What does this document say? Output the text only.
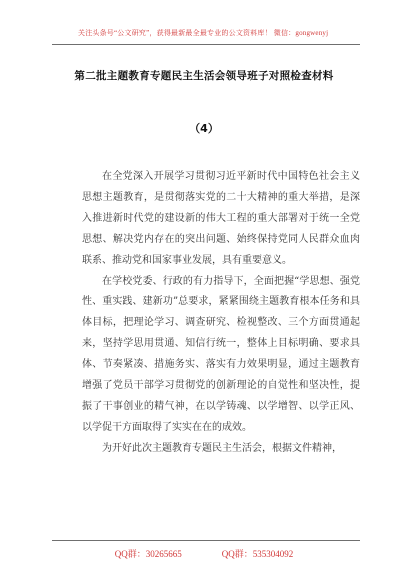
关注头条号“公文研究”，获得最新最全最专业的公文资料库！ 微信：gongwenyj
第二批主题教育专题民主生活会领导班子对照检查材料
（4）

在全党深入开展学习贯彻习近平新时代中国特色社会主义思想主题教育，是贯彻落实党的二十大精神的重大举措，是深入推进新时代党的建设新的伟大工程的重大部署对于统一全党思想、解决党内存在的突出问题、始终保持党同人民群众血肉联系、推动党和国家事业发展，具有重要意义。

在学校党委、行政的有力指导下，全面把握“学思想、强党性、重实践、建新功”总要求，紧紧围绕主题教育根本任务和具体目标，把理论学习、调查研究、检视整改、三个方面贯通起来，坚持学思用贯通、知信行统一，整体上目标明确、要求具体、节奏紧凑、措施务实、落实有力效果明显，通过主题教育增强了党员干部学习贯彻党的创新理论的自觉性和坚决性，提振了干事创业的精气神，在以学铸魂、以学增智、以学正风、以学促干方面取得了实实在在的成效。

为开好此次主题教育专题民主生活会，根据文件精神，

QQ群：30265665	QQ群：535304092
